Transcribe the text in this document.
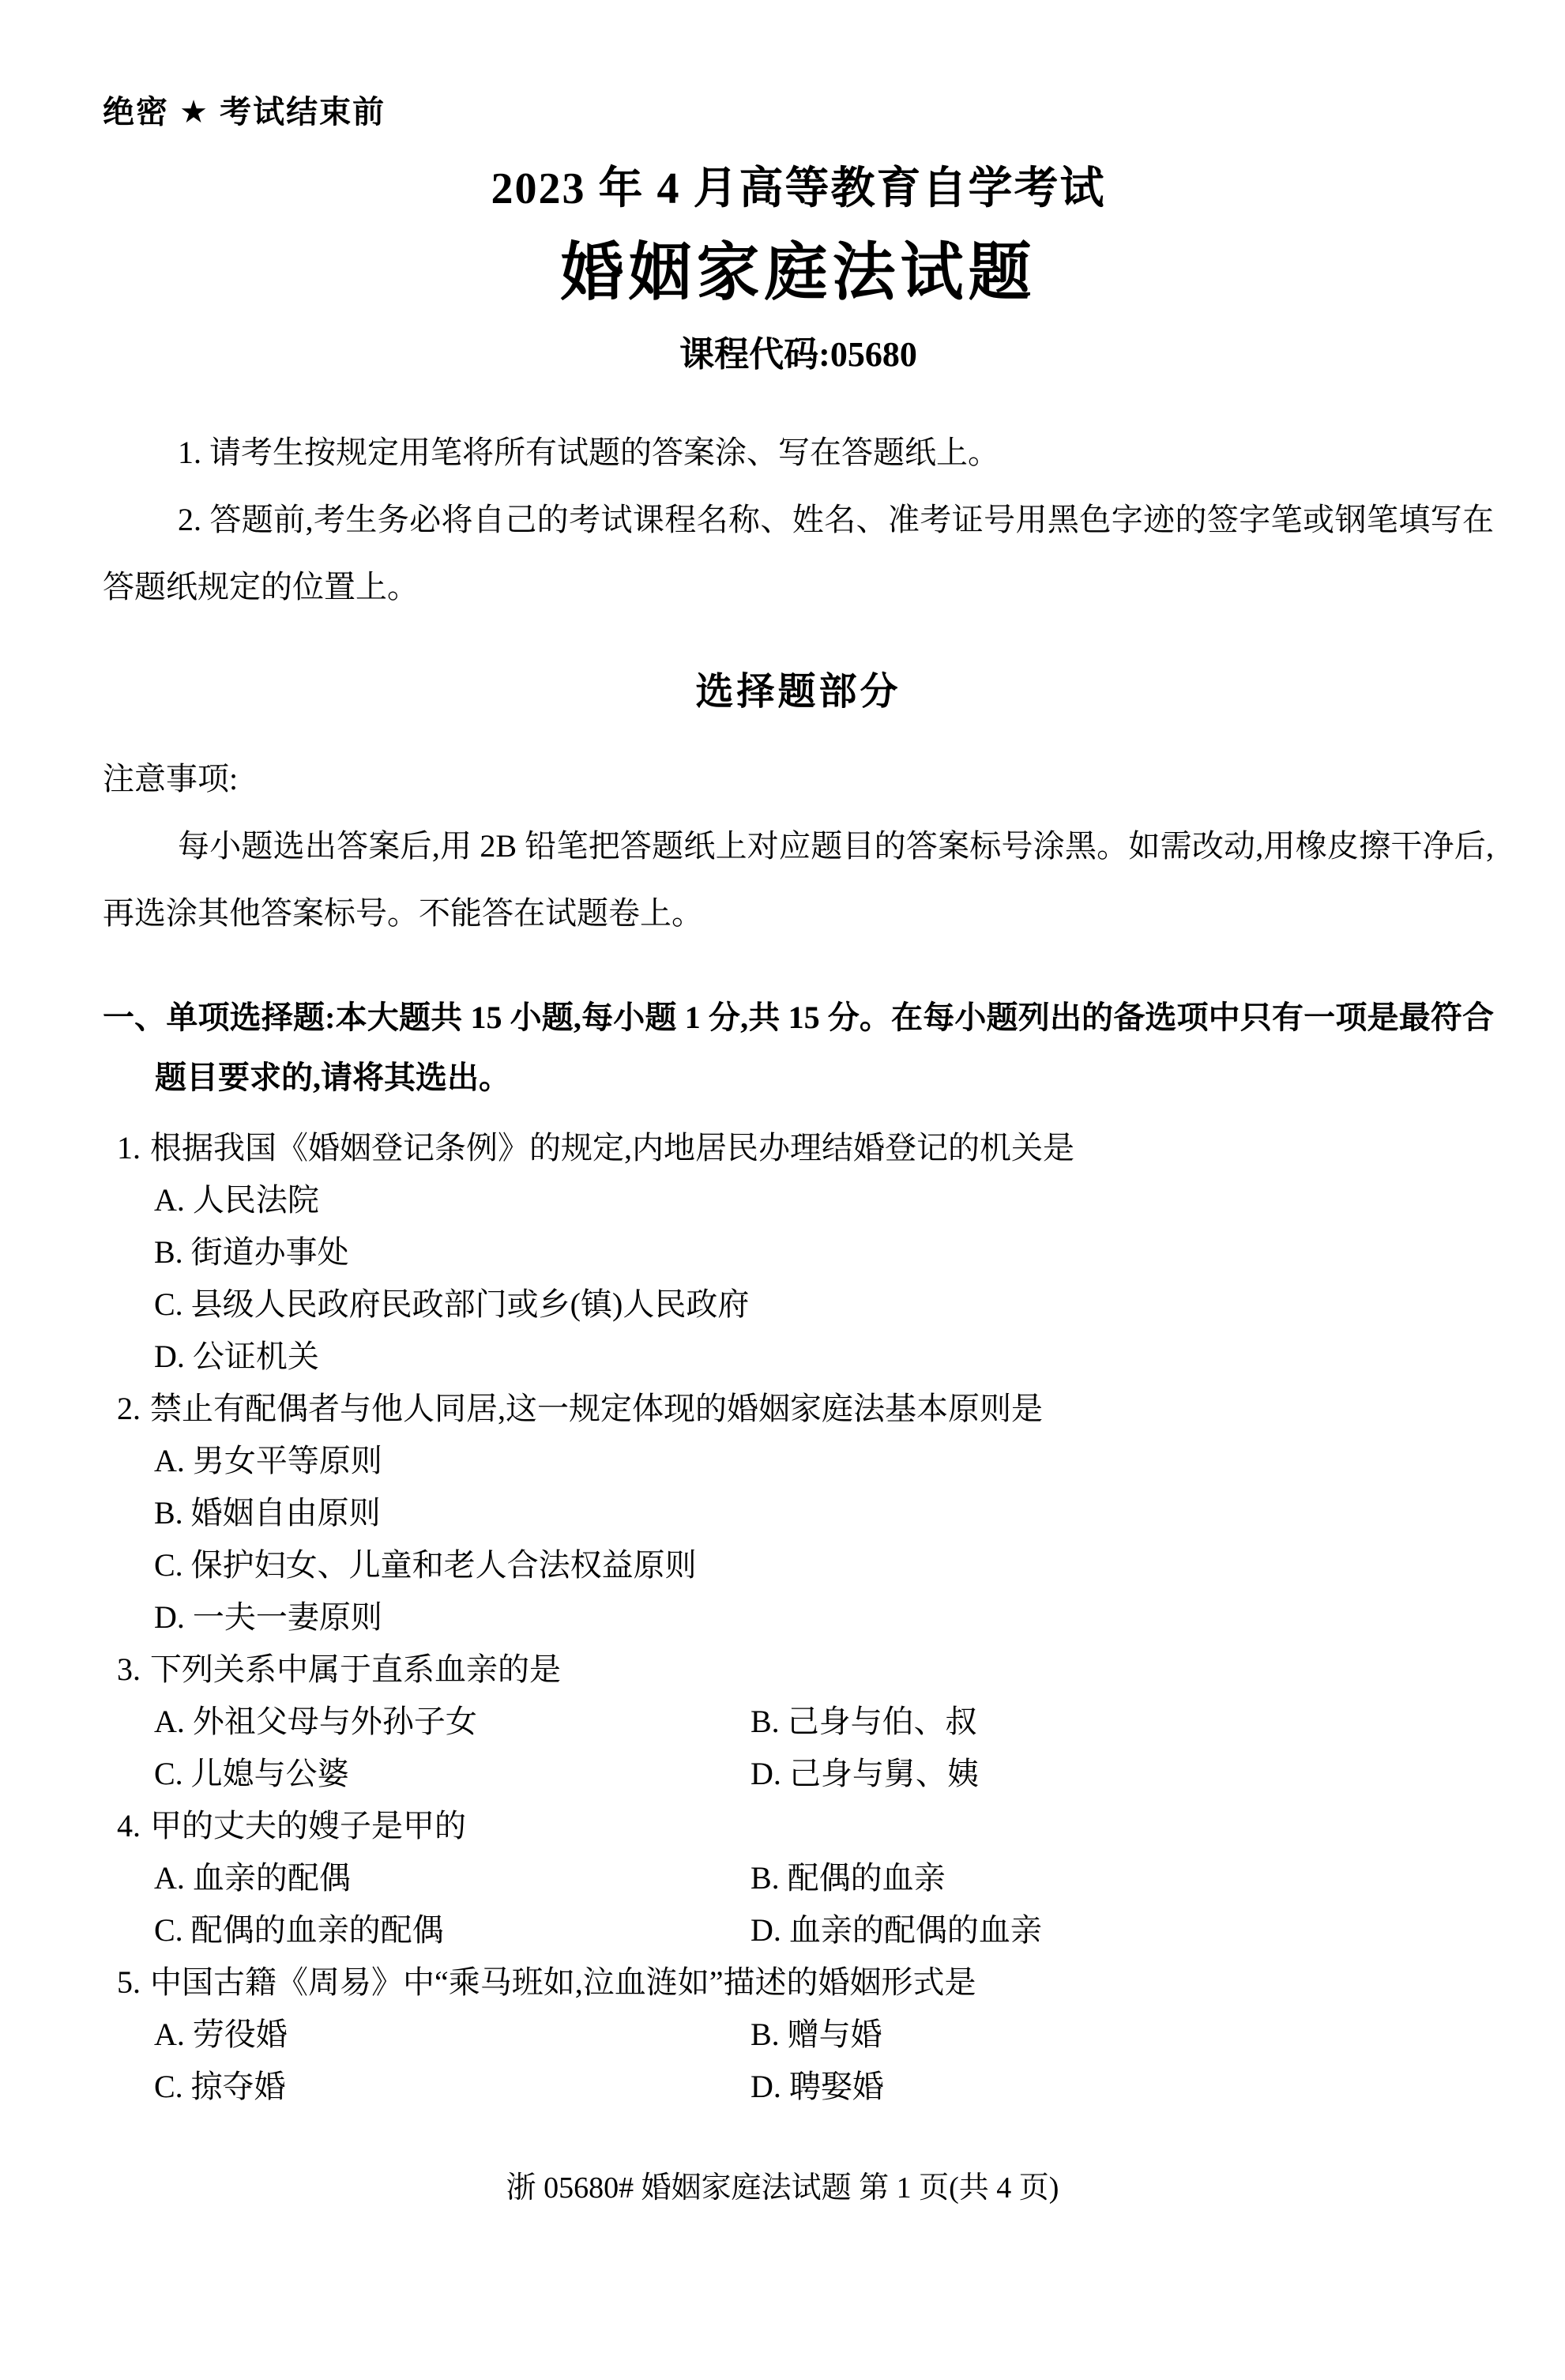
绝密 ★ 考试结束前
2023 年 4 月高等教育自学考试
婚姻家庭法试题
课程代码:05680

1. 请考生按规定用笔将所有试题的答案涂、写在答题纸上。

2. 答题前,考生务必将自己的考试课程名称、姓名、准考证号用黑色字迹的签字笔或钢笔填写在答题纸规定的位置上。

选择题部分
注意事项:

每小题选出答案后,用 2B 铅笔把答题纸上对应题目的答案标号涂黑。如需改动,用橡皮擦干净后,再选涂其他答案标号。不能答在试题卷上。

一、单项选择题:本大题共 15 小题,每小题 1 分,共 15 分。在每小题列出的备选项中只有一项是最符合题目要求的,请将其选出。

1. 根据我国《婚姻登记条例》的规定,内地居民办理结婚登记的机关是
A. 人民法院
B. 街道办事处
C. 县级人民政府民政部门或乡(镇)人民政府
D. 公证机关
2. 禁止有配偶者与他人同居,这一规定体现的婚姻家庭法基本原则是
A. 男女平等原则
B. 婚姻自由原则
C. 保护妇女、儿童和老人合法权益原则
D. 一夫一妻原则
3. 下列关系中属于直系血亲的是
A. 外祖父母与外孙子女	B. 己身与伯、叔
C. 儿媳与公婆	D. 己身与舅、姨
4. 甲的丈夫的嫂子是甲的
A. 血亲的配偶	B. 配偶的血亲
C. 配偶的血亲的配偶	D. 血亲的配偶的血亲
5. 中国古籍《周易》中“乘马班如,泣血涟如”描述的婚姻形式是
A. 劳役婚	B. 赠与婚
C. 掠夺婚	D. 聘娶婚
浙 05680# 婚姻家庭法试题 第 1 页(共 4 页)
